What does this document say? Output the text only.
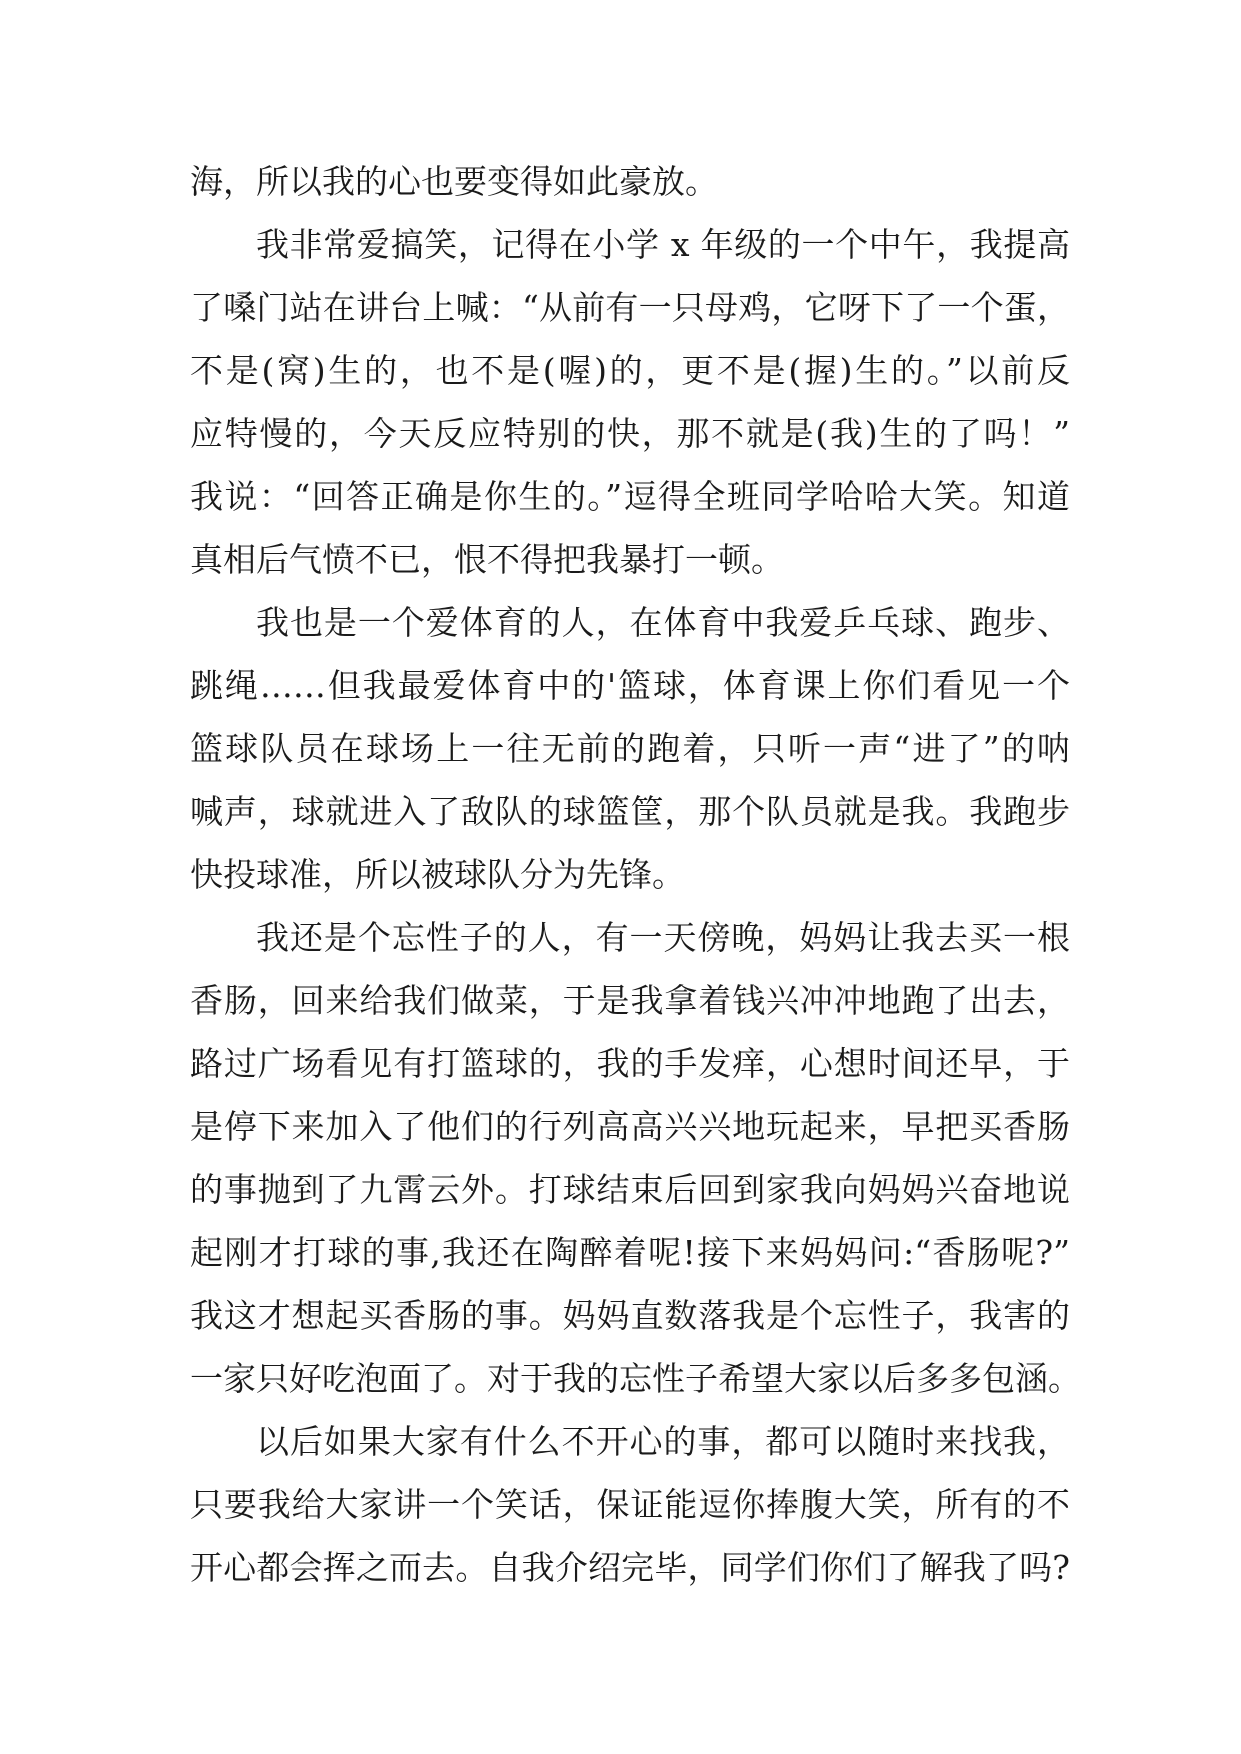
海，所以我的心也要变得如此豪放。
我非常爱搞笑，记得在小学 x 年级的一个中午，我提高
了嗓门站在讲台上喊：“从前有一只母鸡，它呀下了一个蛋，
不是(窝)生的，也不是(喔)的，更不是(握)生的。”以前反
应特慢的，今天反应特别的快，那不就是(我)生的了吗！”
我说：“回答正确是你生的。”逗得全班同学哈哈大笑。知道
真相后气愤不已，恨不得把我暴打一顿。
我也是一个爱体育的人，在体育中我爱乒乓球、跑步、
跳绳……但我最爱体育中的'篮球，体育课上你们看见一个
篮球队员在球场上一往无前的跑着，只听一声“进了”的呐
喊声，球就进入了敌队的球篮筐，那个队员就是我。我跑步
快投球准，所以被球队分为先锋。
我还是个忘性子的人，有一天傍晚，妈妈让我去买一根
香肠，回来给我们做菜，于是我拿着钱兴冲冲地跑了出去，
路过广场看见有打篮球的，我的手发痒，心想时间还早，于
是停下来加入了他们的行列高高兴兴地玩起来，早把买香肠
的事抛到了九霄云外。打球结束后回到家我向妈妈兴奋地说
起刚才打球的事,我还在陶醉着呢!接下来妈妈问:“香肠呢?”
我这才想起买香肠的事。妈妈直数落我是个忘性子，我害的
一家只好吃泡面了。对于我的忘性子希望大家以后多多包涵。
以后如果大家有什么不开心的事，都可以随时来找我，
只要我给大家讲一个笑话，保证能逗你捧腹大笑，所有的不
开心都会挥之而去。自我介绍完毕，同学们你们了解我了吗?
